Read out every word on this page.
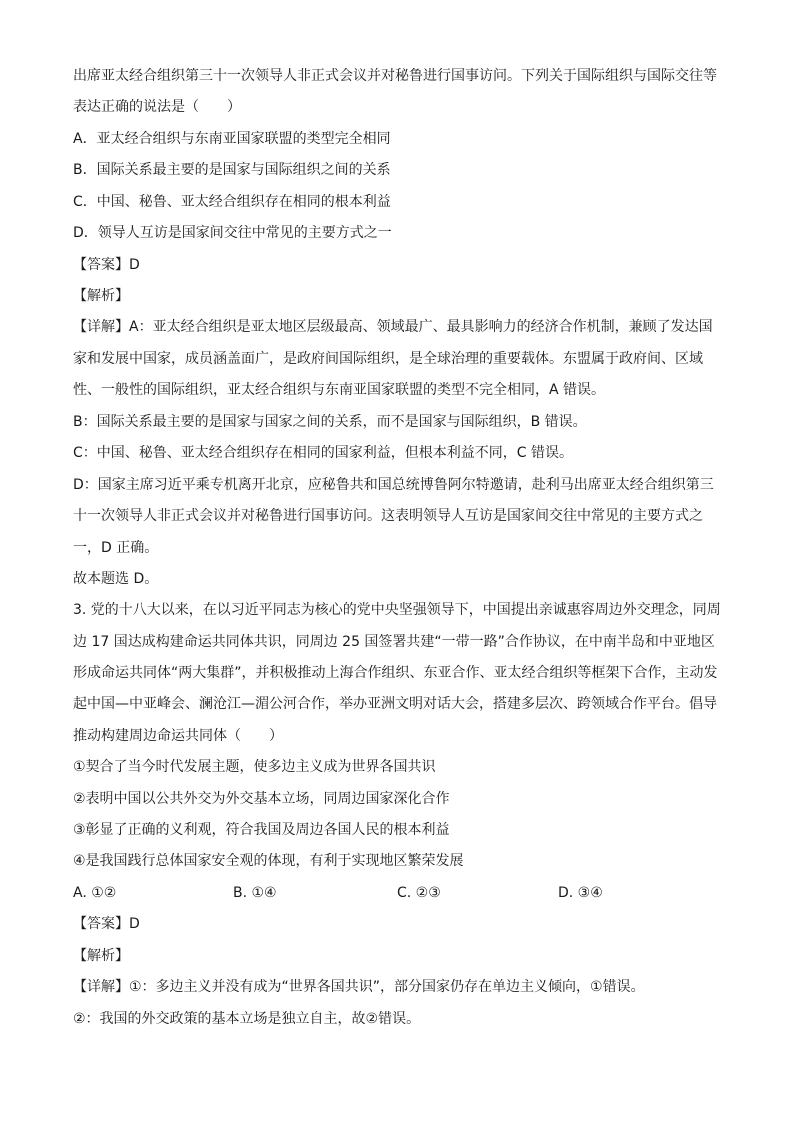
出席亚太经合组织第三十一次领导人非正式会议并对秘鲁进行国事访问。下列关于国际组织与国际交往等
表达正确的说法是（　　）
A．亚太经合组织与东南亚国家联盟的类型完全相同
B．国际关系最主要的是国家与国际组织之间的关系
C．中国、秘鲁、亚太经合组织存在相同的根本利益
D．领导人互访是国家间交往中常见的主要方式之一
【答案】D
【解析】
【详解】A：亚太经合组织是亚太地区层级最高、领域最广、最具影响力的经济合作机制，兼顾了发达国
家和发展中国家，成员涵盖面广，是政府间国际组织，是全球治理的重要载体。东盟属于政府间、区域
性、一般性的国际组织，亚太经合组织与东南亚国家联盟的类型不完全相同，A 错误。
B：国际关系最主要的是国家与国家之间的关系，而不是国家与国际组织，B 错误。
C：中国、秘鲁、亚太经合组织存在相同的国家利益，但根本利益不同，C 错误。
D：国家主席习近平乘专机离开北京，应秘鲁共和国总统博鲁阿尔特邀请，赴利马出席亚太经合组织第三
十一次领导人非正式会议并对秘鲁进行国事访问。这表明领导人互访是国家间交往中常见的主要方式之
一，D 正确。
故本题选 D。
3. 党的十八大以来，在以习近平同志为核心的党中央坚强领导下，中国提出亲诚惠容周边外交理念，同周
边 17 国达成构建命运共同体共识，同周边 25 国签署共建“一带一路”合作协议，在中南半岛和中亚地区
形成命运共同体“两大集群”，并积极推动上海合作组织、东亚合作、亚太经合组织等框架下合作，主动发
起中国—中亚峰会、澜沧江—湄公河合作，举办亚洲文明对话大会，搭建多层次、跨领域合作平台。倡导
推动构建周边命运共同体（　　）
①契合了当今时代发展主题，使多边主义成为世界各国共识
②表明中国以公共外交为外交基本立场，同周边国家深化合作
③彰显了正确的义利观，符合我国及周边各国人民的根本利益
④是我国践行总体国家安全观的体现，有利于实现地区繁荣发展
A. ①②	B. ①④	C. ②③	D. ③④
【答案】D
【解析】
【详解】①：多边主义并没有成为“世界各国共识”，部分国家仍存在单边主义倾向，①错误。
②：我国的外交政策的基本立场是独立自主，故②错误。
